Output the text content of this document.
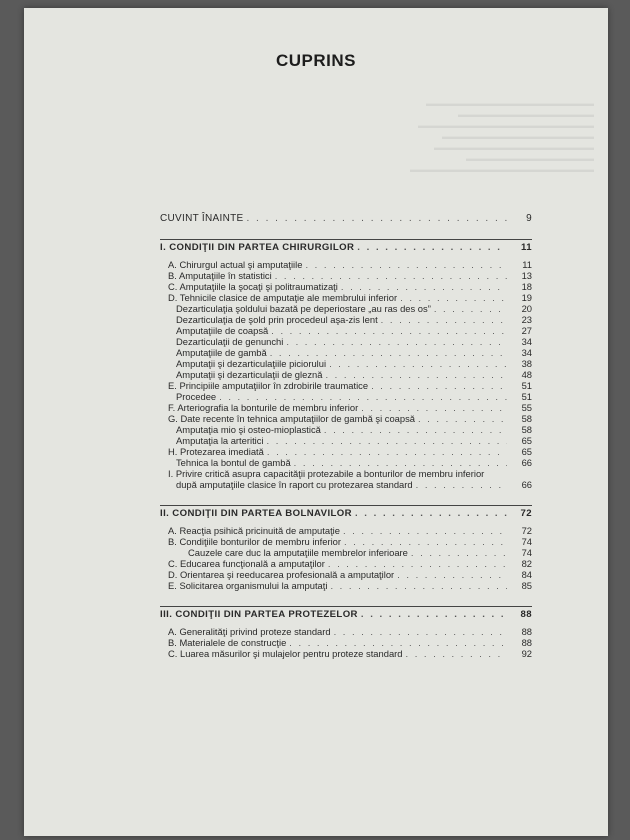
▬▬▬▬▬▬▬▬▬▬▬▬▬▬▬▬▬▬▬▬▬
▬▬▬▬▬▬▬▬▬▬▬▬▬▬▬▬▬
▬▬▬▬▬▬▬▬▬▬▬▬▬▬▬▬▬▬▬▬▬▬
▬▬▬▬▬▬▬▬▬▬▬▬▬▬▬▬▬▬▬
▬▬▬▬▬▬▬▬▬▬▬▬▬▬▬▬▬▬▬▬
▬▬▬▬▬▬▬▬▬▬▬▬▬▬▬▬
▬▬▬▬▬▬▬▬▬▬▬▬▬▬▬▬▬▬▬▬▬▬▬
CUPRINS
CUVINT ÎNAINTE . . .	9
I. CONDIŢII DIN PARTEA CHIRURGILOR . . .	11
A. Chirurgul actual şi amputaţiile . . .	11
B. Amputaţiile în statistici . . .	13
C. Amputaţiile la şocaţi şi politraumatizaţi . . .	18
D. Tehnicile clasice de amputaţie ale membrului inferior . . .	19
Dezarticulaţia şoldului bazată pe deperiostare „au ras des os” . . .	20
Dezarticulaţia de şold prin procedeul aşa-zis lent . . .	23
Amputaţiile de coapsă . . .	27
Dezarticulaţii de genunchi . . .	34
Amputaţiile de gambă . . .	34
Amputaţii şi dezarticulaţiile piciorului . . .	38
Amputaţii şi dezarticulaţii de gleznă . . .	48
E. Principiile amputaţiilor în zdrobirile traumatice . . .	51
Procedee . . .	51
F. Arteriografia la bonturile de membru inferior . . .	55
G. Date recente în tehnica amputaţiilor de gambă şi coapsă . . .	58
Amputaţia mio şi osteo-mioplastică . . .	58
Amputaţia la arteritici . . .	65
H. Protezarea imediată . . .	65
Tehnica la bontul de gambă . . .	66
I. Privire critică asupra capacităţii protezabile a bonturilor de membru inferior
după amputaţiile clasice în raport cu protezarea standard . . .	66
II. CONDIŢII DIN PARTEA BOLNAVILOR . . .	72
A. Reacţia psihică pricinuită de amputaţie . . .	72
B. Condiţiile bonturilor de membru inferior . . .	74
Cauzele care duc la amputaţiile membrelor inferioare . . .	74
C. Educarea funcţională a amputaţilor . . .	82
D. Orientarea şi reeducarea profesională a amputaţilor . . .	84
E. Solicitarea organismului la amputaţi . . .	85
III. CONDIŢII DIN PARTEA PROTEZELOR . . .	88
A. Generalităţi privind proteze standard . . .	88
B. Materialele de construcţie . . .	88
C. Luarea măsurilor şi mulajelor pentru proteze standard . . .	92
